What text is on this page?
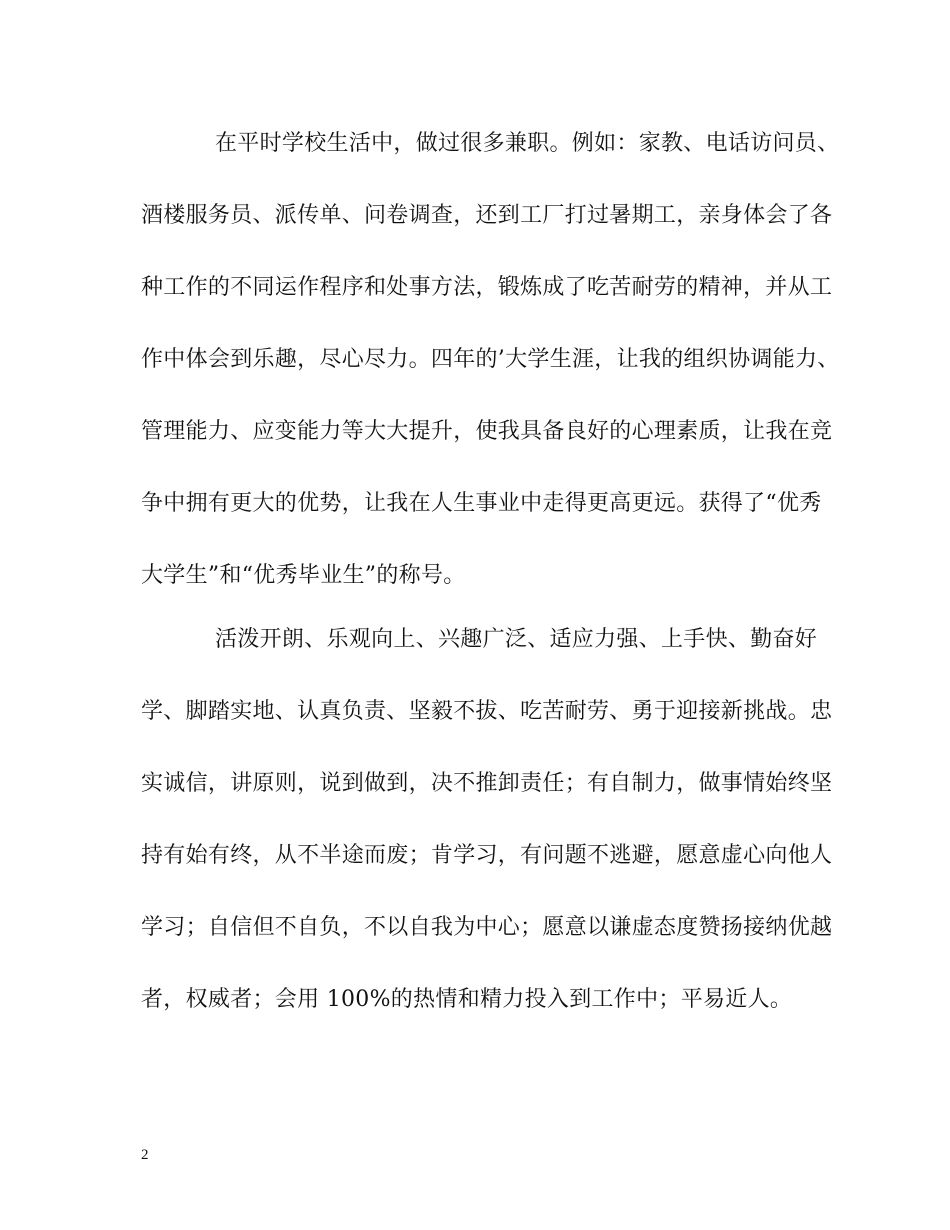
在平时学校生活中，做过很多兼职。例如：家教、电话访问员、
酒楼服务员、派传单、问卷调查，还到工厂打过暑期工，亲身体会了各
种工作的不同运作程序和处事方法，锻炼成了吃苦耐劳的精神，并从工
作中体会到乐趣，尽心尽力。四年的’大学生涯，让我的组织协调能力、
管理能力、应变能力等大大提升，使我具备良好的心理素质，让我在竞
争中拥有更大的优势，让我在人生事业中走得更高更远。获得了“优秀
大学生”和“优秀毕业生”的称号。
活泼开朗、乐观向上、兴趣广泛、适应力强、上手快、勤奋好
学、脚踏实地、认真负责、坚毅不拔、吃苦耐劳、勇于迎接新挑战。忠
实诚信，讲原则，说到做到，决不推卸责任；有自制力，做事情始终坚
持有始有终，从不半途而废；肯学习，有问题不逃避，愿意虚心向他人
学习；自信但不自负，不以自我为中心；愿意以谦虚态度赞扬接纳优越
者，权威者；会用 100%的热情和精力投入到工作中；平易近人。
2
